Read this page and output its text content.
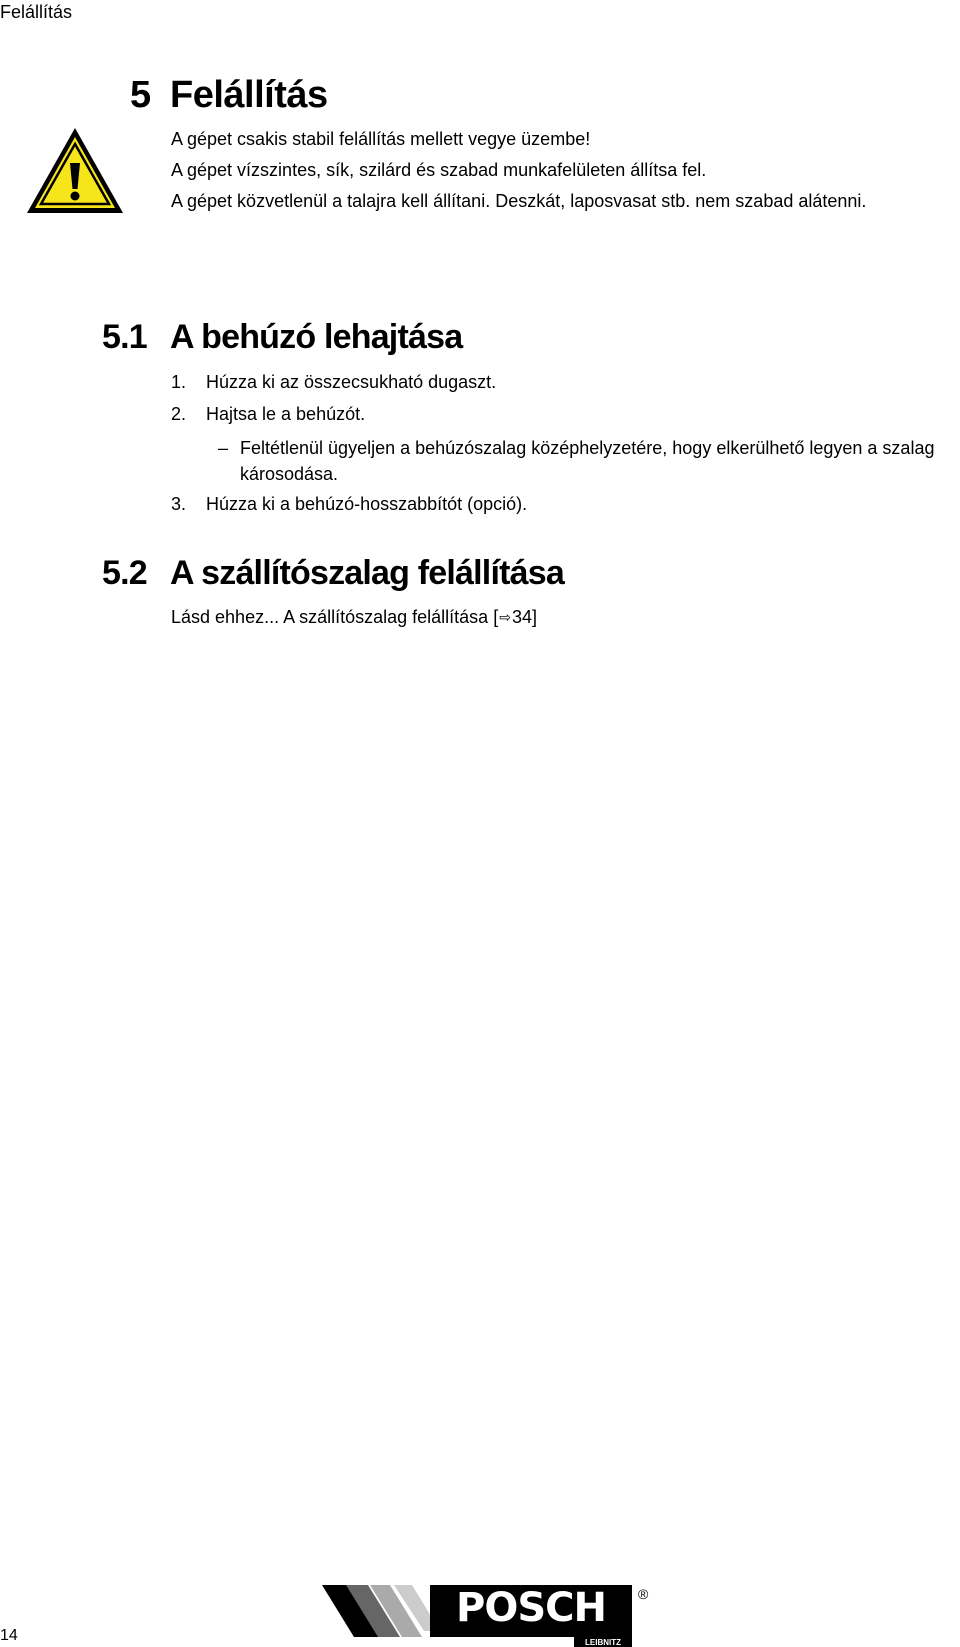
Felállítás
5 Felállítás
A gépet csakis stabil felállítás mellett vegye üzembe!
A gépet vízszintes, sík, szilárd és szabad munkafelületen állítsa fel.
A gépet közvetlenül a talajra kell állítani. Deszkát, laposvasat stb. nem szabad alátenni.
5.1 A behúzó lehajtása
1. Húzza ki az összecsukható dugaszt.
2. Hajtsa le a behúzót.
– Feltétlenül ügyeljen a behúzószalag középhelyzetére, hogy elkerülhető legyen a szalag károsodása.
3. Húzza ki a behúzó-hosszabbítót (opció).
5.2 A szállítószalag felállítása
Lásd ehhez... A szállítószalag felállítása [⇨34]
14
POSCH
LEIBNITZ
®
